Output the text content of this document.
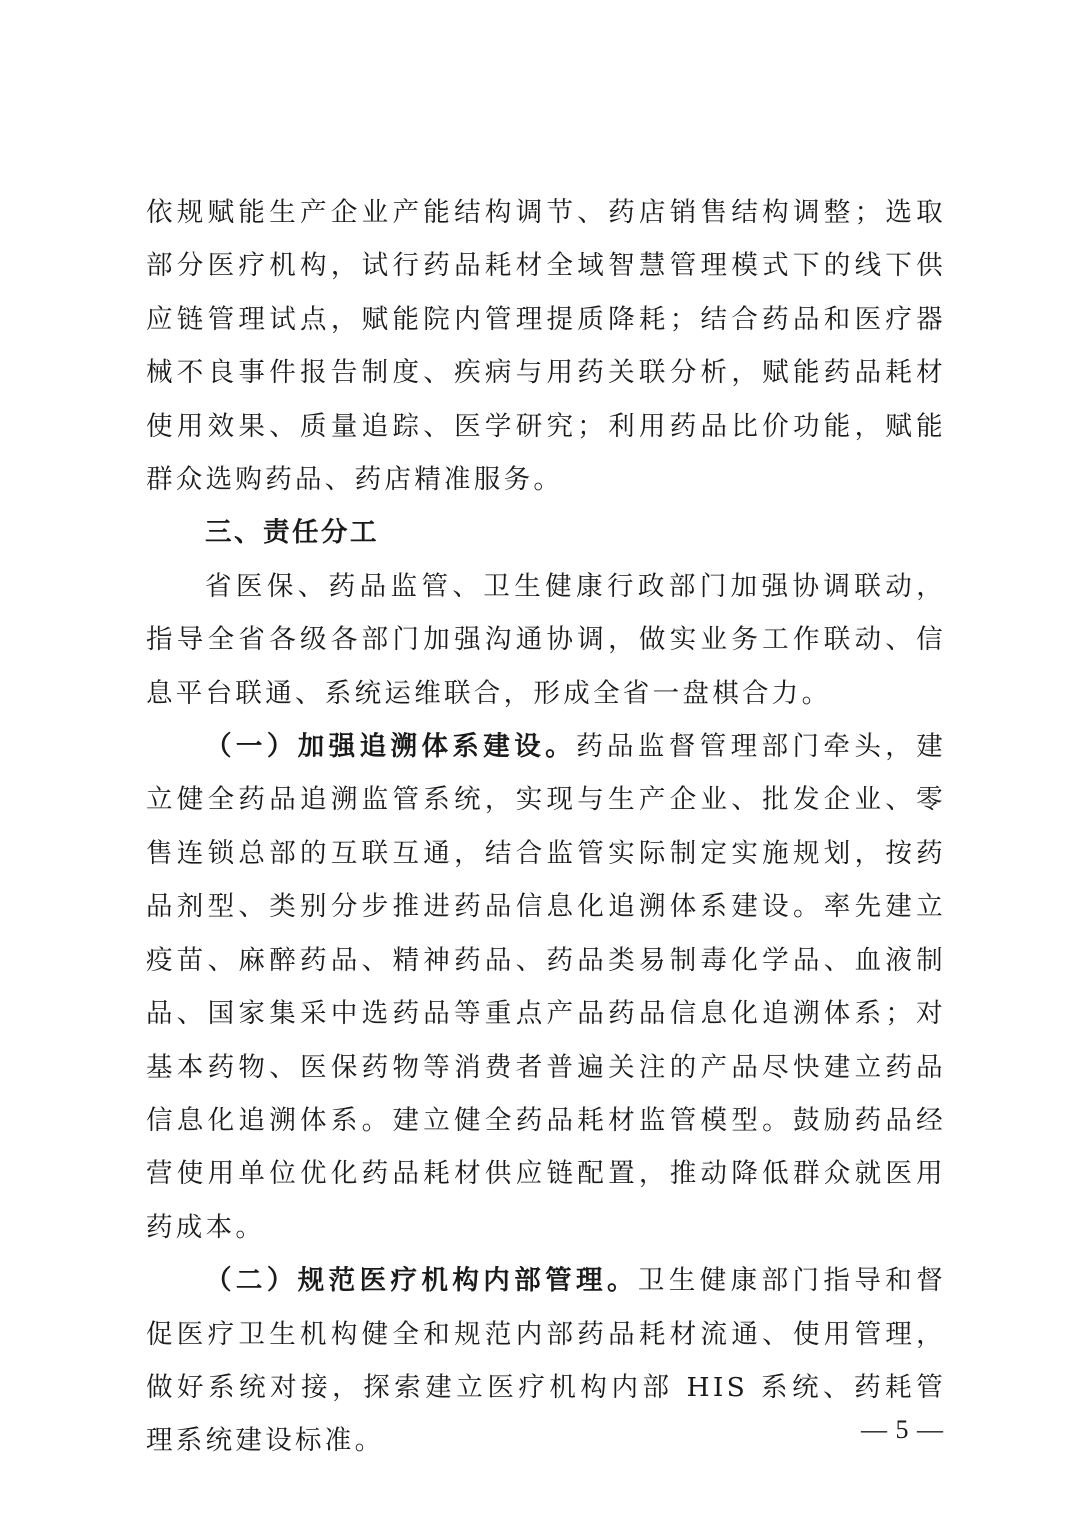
依规赋能生产企业产能结构调节、药店销售结构调整；选取部分医疗机构，试行药品耗材全域智慧管理模式下的线下供应链管理试点，赋能院内管理提质降耗；结合药品和医疗器械不良事件报告制度、疾病与用药关联分析，赋能药品耗材使用效果、质量追踪、医学研究；利用药品比价功能，赋能群众选购药品、药店精准服务。

三、责任分工

省医保、药品监管、卫生健康行政部门加强协调联动，指导全省各级各部门加强沟通协调，做实业务工作联动、信息平台联通、系统运维联合，形成全省一盘棋合力。

（一）加强追溯体系建设。药品监督管理部门牵头，建立健全药品追溯监管系统，实现与生产企业、批发企业、零售连锁总部的互联互通，结合监管实际制定实施规划，按药品剂型、类别分步推进药品信息化追溯体系建设。率先建立疫苗、麻醉药品、精神药品、药品类易制毒化学品、血液制品、国家集采中选药品等重点产品药品信息化追溯体系；对基本药物、医保药物等消费者普遍关注的产品尽快建立药品信息化追溯体系。建立健全药品耗材监管模型。鼓励药品经营使用单位优化药品耗材供应链配置，推动降低群众就医用药成本。

（二）规范医疗机构内部管理。卫生健康部门指导和督促医疗卫生机构健全和规范内部药品耗材流通、使用管理，做好系统对接，探索建立医疗机构内部 HIS 系统、药耗管理系统建设标准。	— 5 —
